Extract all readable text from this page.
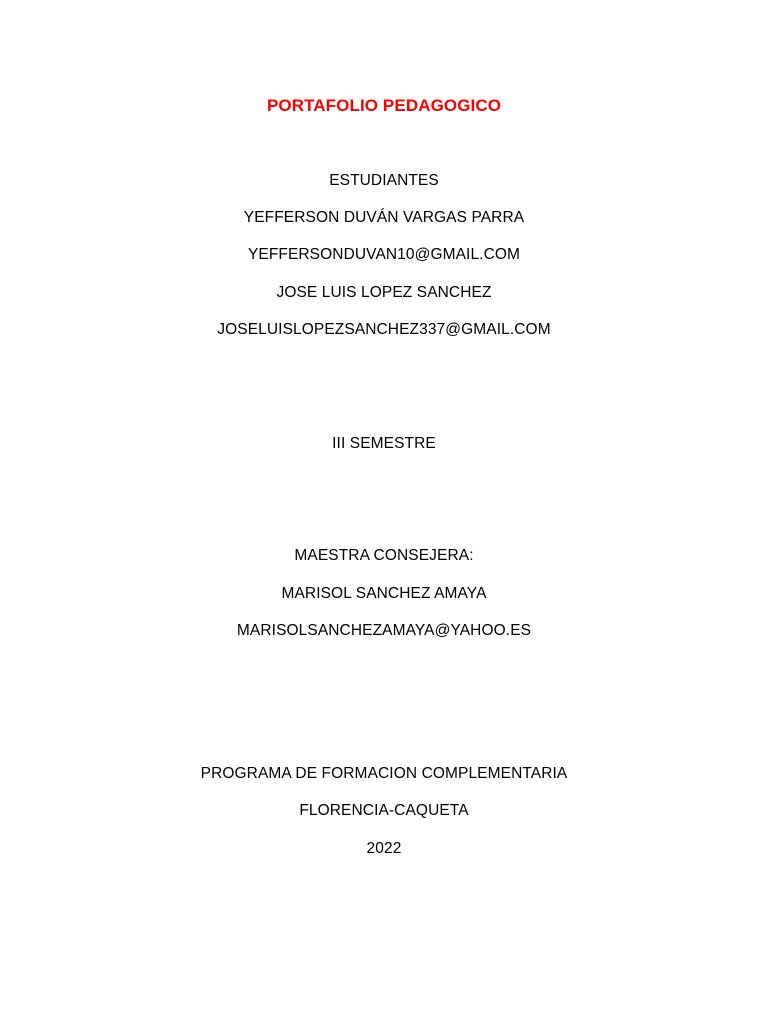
PORTAFOLIO PEDAGOGICO
ESTUDIANTES
YEFFERSON DUVÁN VARGAS PARRA
YEFFERSONDUVAN10@GMAIL.COM
JOSE LUIS LOPEZ SANCHEZ
JOSELUISLOPEZSANCHEZ337@GMAIL.COM
III SEMESTRE
MAESTRA CONSEJERA:
MARISOL SANCHEZ AMAYA
MARISOLSANCHEZAMAYA@YAHOO.ES
PROGRAMA DE FORMACION COMPLEMENTARIA
FLORENCIA-CAQUETA
2022
